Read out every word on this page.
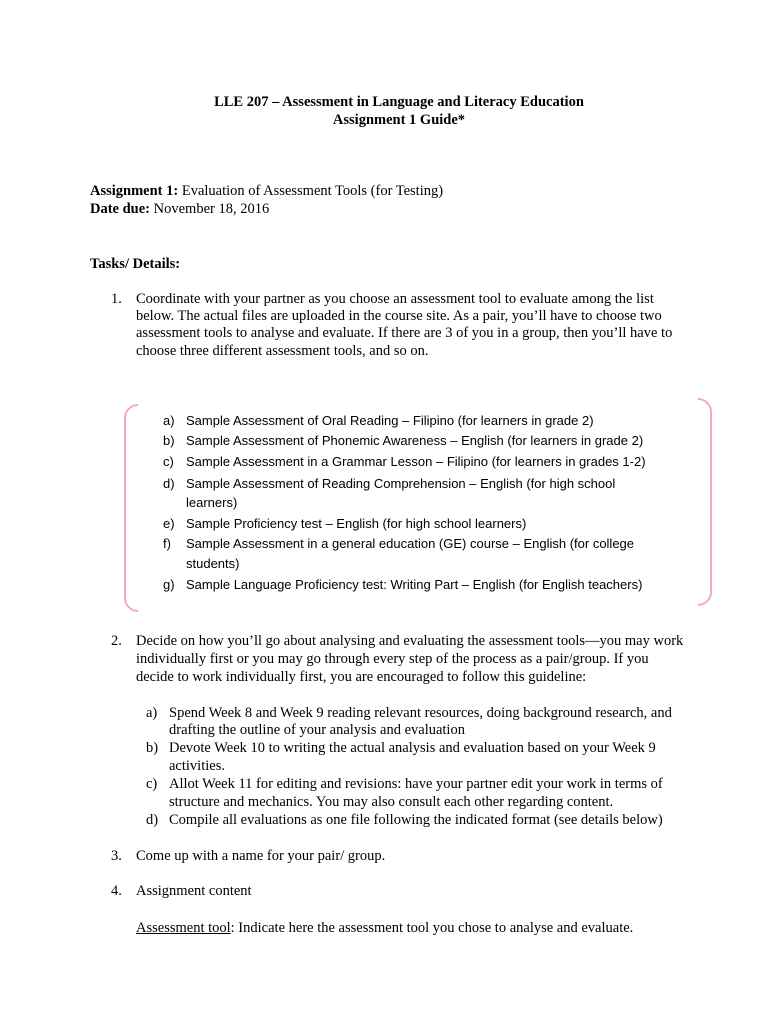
LLE 207 – Assessment in Language and Literacy Education
Assignment 1 Guide*
Assignment 1: Evaluation of Assessment Tools (for Testing)
Date due: November 18, 2016
Tasks/ Details:
1. Coordinate with your partner as you choose an assessment tool to evaluate among the list
below. The actual files are uploaded in the course site. As a pair, you’ll have to choose two
assessment tools to analyse and evaluate. If there are 3 of you in a group, then you’ll have to
choose three different assessment tools, and so on.
a) Sample Assessment of Oral Reading – Filipino (for learners in grade 2)
b) Sample Assessment of Phonemic Awareness – English (for learners in grade 2)
c) Sample Assessment in a Grammar Lesson – Filipino (for learners in grades 1-2)
d) Sample Assessment of Reading Comprehension – English (for high school
learners)
e) Sample Proficiency test – English (for high school learners)
f) Sample Assessment in a general education (GE) course – English (for college
students)
g) Sample Language Proficiency test: Writing Part – English (for English teachers)
2. Decide on how you’ll go about analysing and evaluating the assessment tools—you may work
individually first or you may go through every step of the process as a pair/group. If you
decide to work individually first, you are encouraged to follow this guideline:
a) Spend Week 8 and Week 9 reading relevant resources, doing background research, and
drafting the outline of your analysis and evaluation
b) Devote Week 10 to writing the actual analysis and evaluation based on your Week 9
activities.
c) Allot Week 11 for editing and revisions: have your partner edit your work in terms of
structure and mechanics. You may also consult each other regarding content.
d) Compile all evaluations as one file following the indicated format (see details below)
3. Come up with a name for your pair/ group.
4. Assignment content
Assessment tool: Indicate here the assessment tool you chose to analyse and evaluate.
